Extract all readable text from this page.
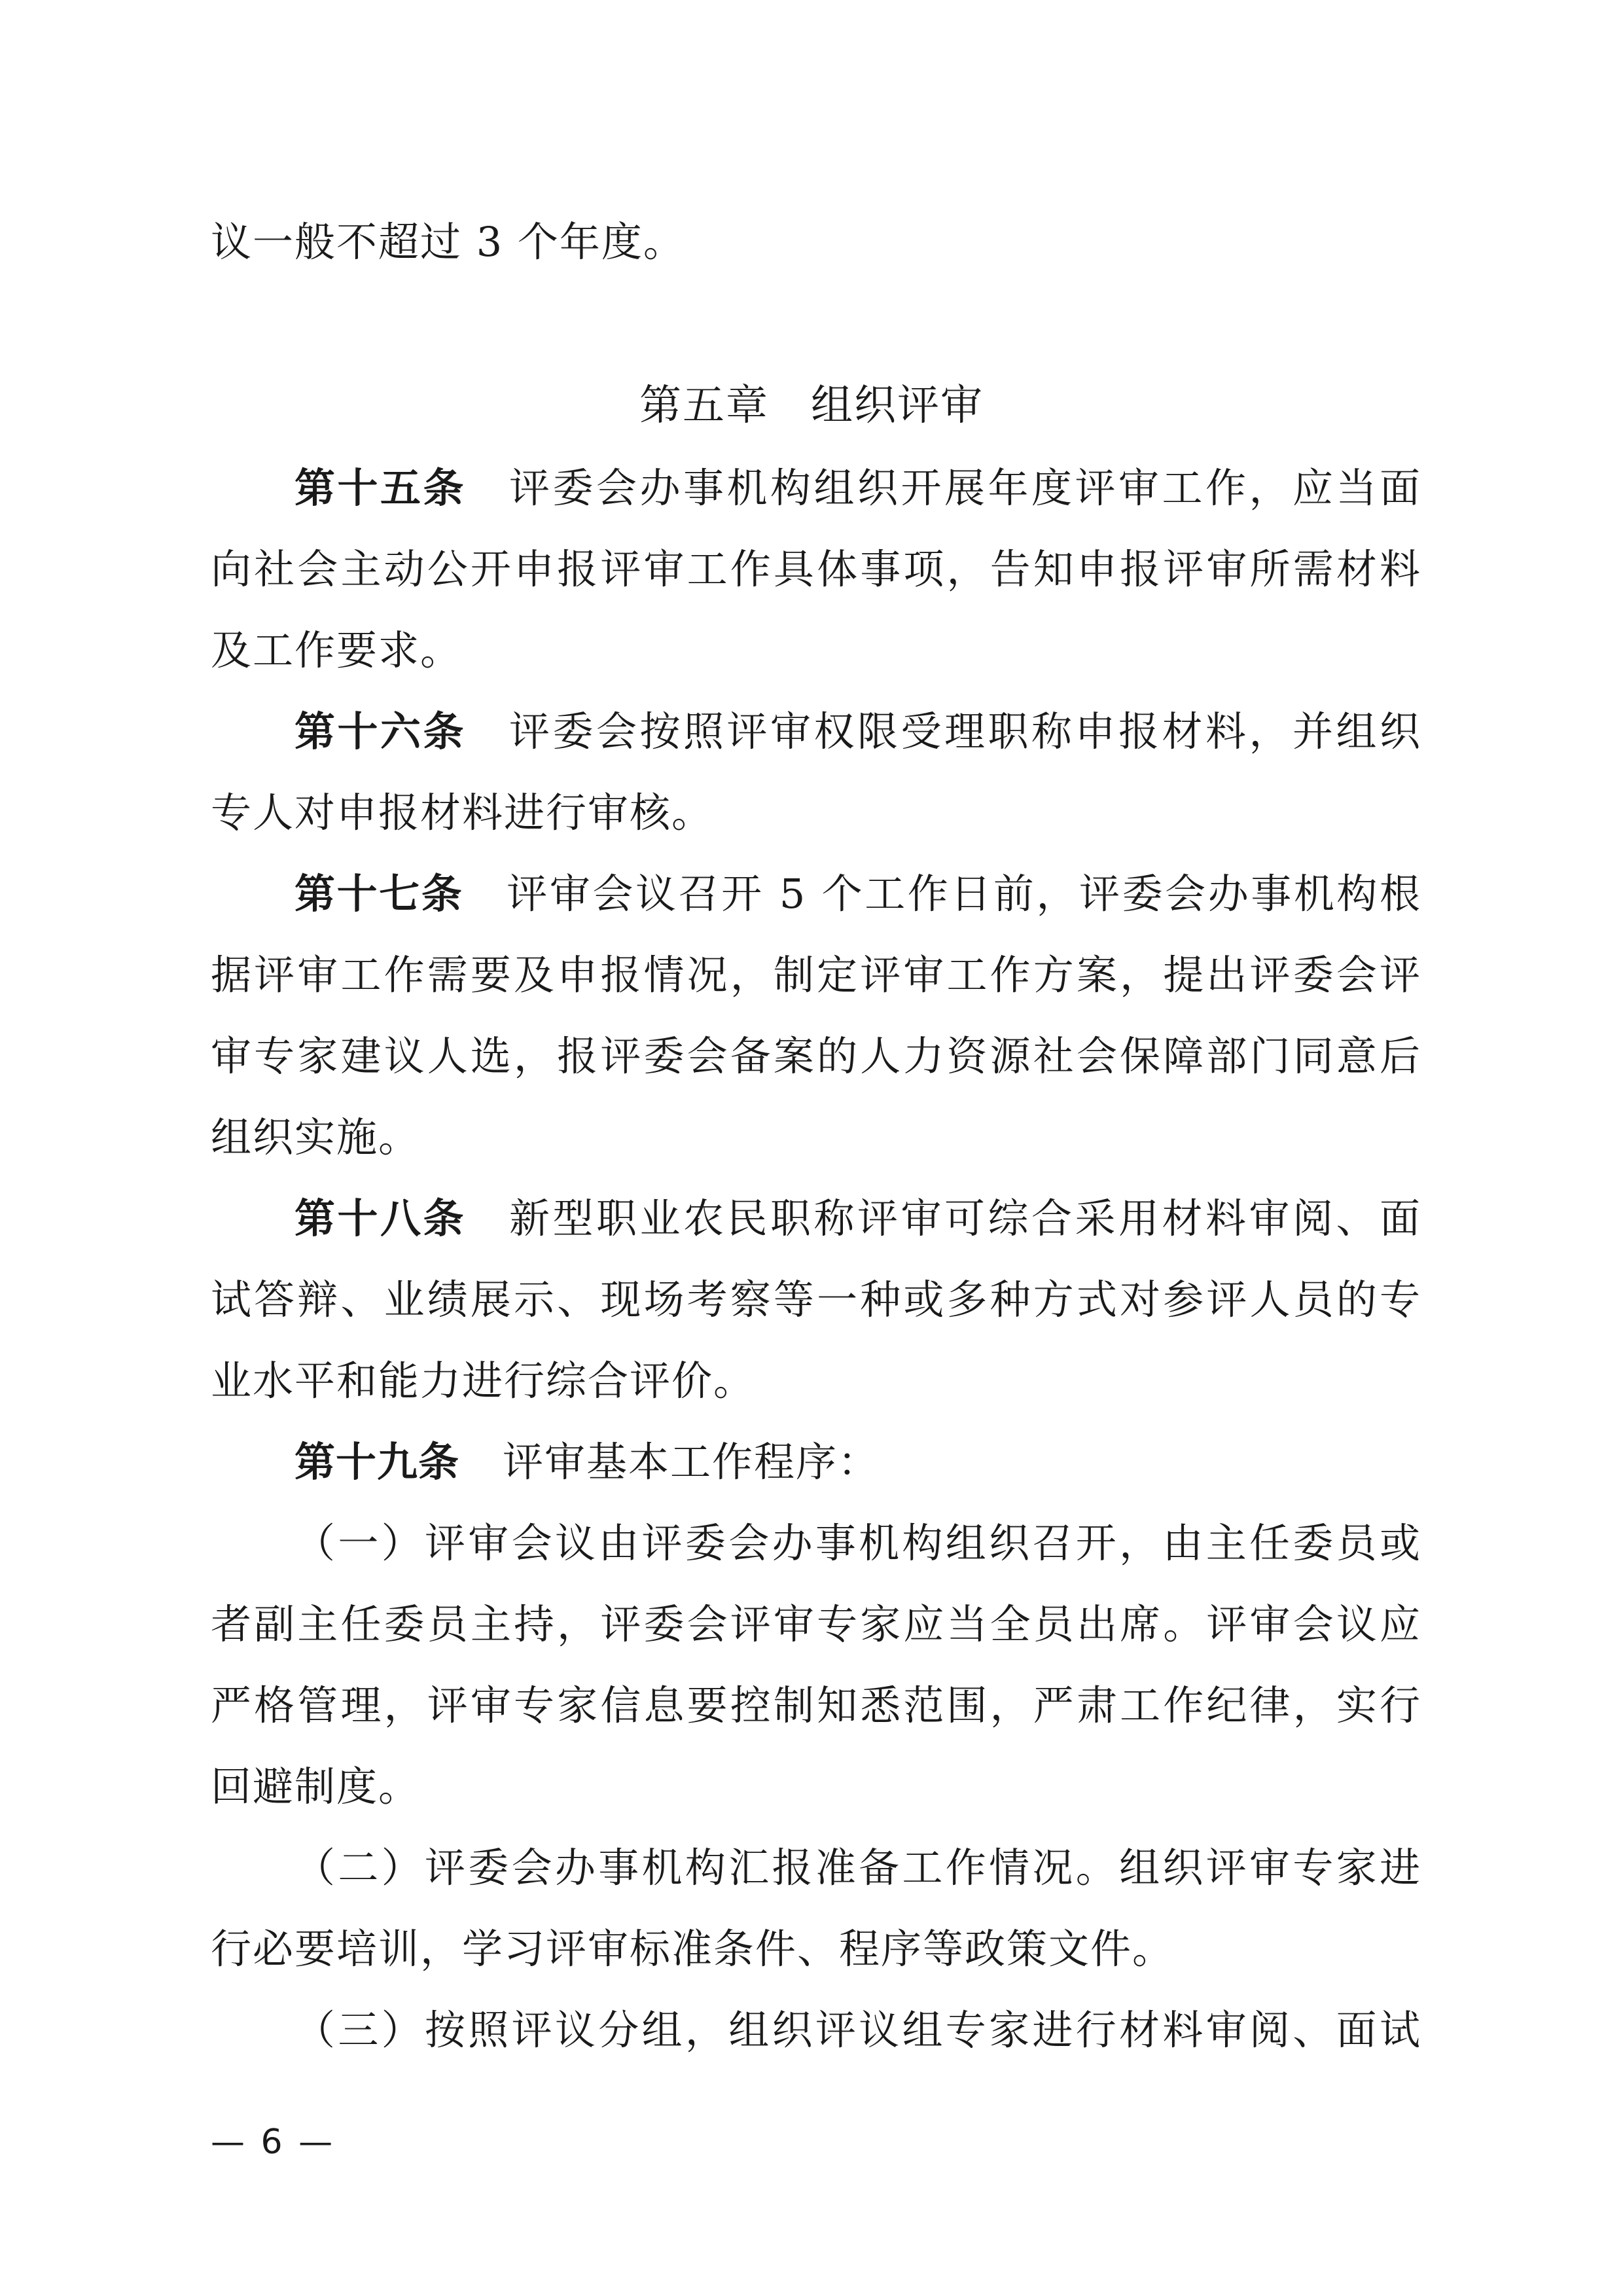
议一般不超过 3 个年度。
第五章 组织评审
第十五条 评委会办事机构组织开展年度评审工作，应当面
向社会主动公开申报评审工作具体事项，告知申报评审所需材料
及工作要求。
第十六条 评委会按照评审权限受理职称申报材料，并组织
专人对申报材料进行审核。
第十七条 评审会议召开 5 个工作日前，评委会办事机构根
据评审工作需要及申报情况，制定评审工作方案，提出评委会评
审专家建议人选，报评委会备案的人力资源社会保障部门同意后
组织实施。
第十八条 新型职业农民职称评审可综合采用材料审阅、面
试答辩、业绩展示、现场考察等一种或多种方式对参评人员的专
业水平和能力进行综合评价。
第十九条 评审基本工作程序：
（一）评审会议由评委会办事机构组织召开，由主任委员或
者副主任委员主持，评委会评审专家应当全员出席。评审会议应
严格管理，评审专家信息要控制知悉范围，严肃工作纪律，实行
回避制度。
（二）评委会办事机构汇报准备工作情况。组织评审专家进
行必要培训，学习评审标准条件、程序等政策文件。
（三）按照评议分组，组织评议组专家进行材料审阅、面试
— 6 —
